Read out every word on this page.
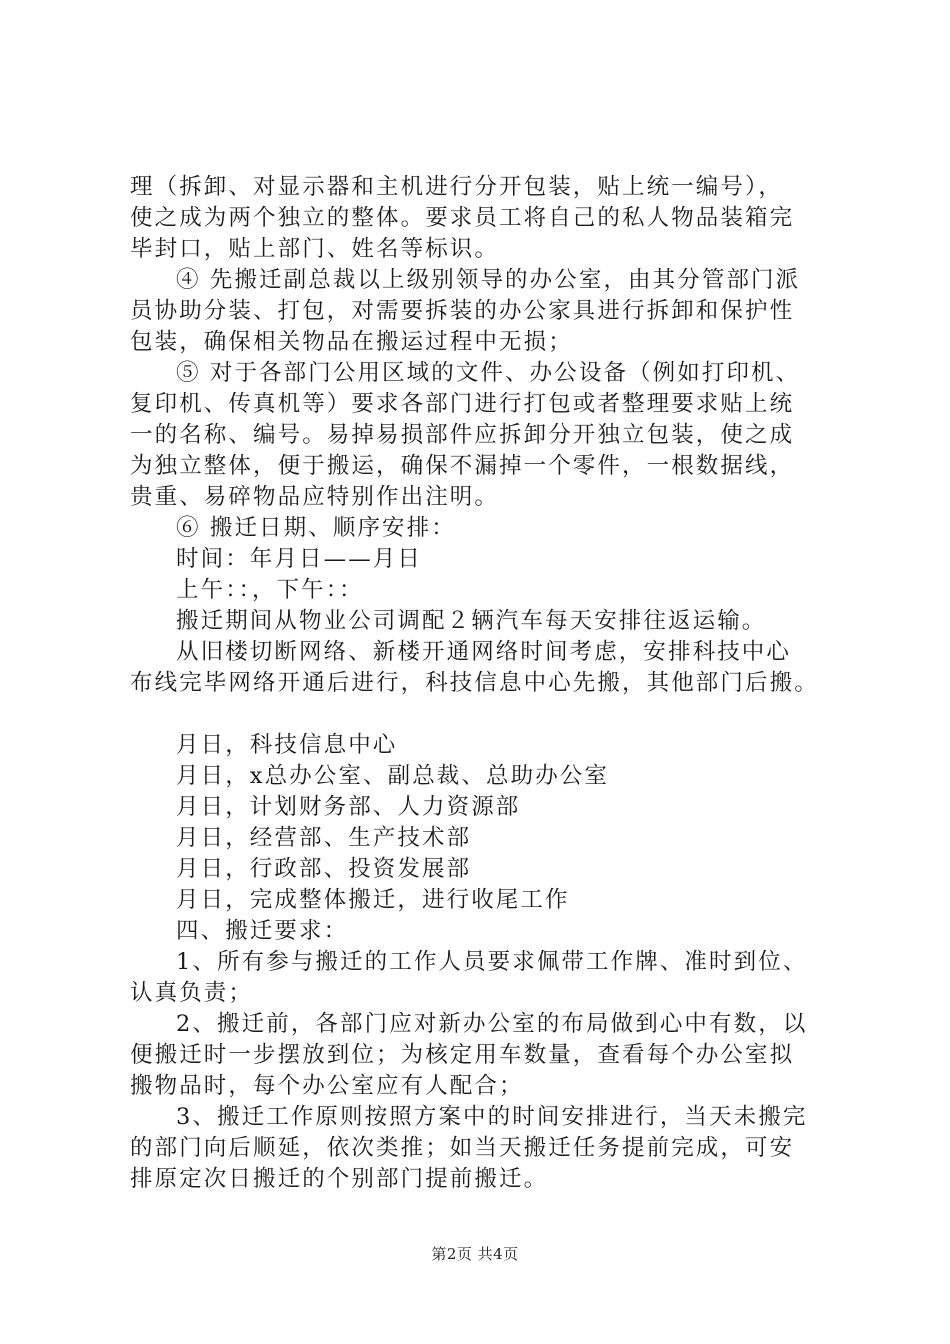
理（拆卸、对显示器和主机进行分开包装，贴上统一编号），
使之成为两个独立的整体。要求员工将自己的私人物品装箱完
毕封口，贴上部门、姓名等标识。
④ 先搬迁副总裁以上级别领导的办公室，由其分管部门派
员协助分装、打包，对需要拆装的办公家具进行拆卸和保护性
包装，确保相关物品在搬运过程中无损；
⑤ 对于各部门公用区域的文件、办公设备（例如打印机、
复印机、传真机等）要求各部门进行打包或者整理要求贴上统
一的名称、编号。易掉易损部件应拆卸分开独立包装，使之成
为独立整体，便于搬运，确保不漏掉一个零件，一根数据线，
贵重、易碎物品应特别作出注明。
⑥ 搬迁日期、顺序安排：
时间：年月日——月日
上午：：，下午：：
搬迁期间从物业公司调配２辆汽车每天安排往返运输。
从旧楼切断网络、新楼开通网络时间考虑，安排科技中心
布线完毕网络开通后进行，科技信息中心先搬，其他部门后搬。
月日，科技信息中心
月日，x总办公室、副总裁、总助办公室
月日，计划财务部、人力资源部
月日，经营部、生产技术部
月日，行政部、投资发展部
月日，完成整体搬迁，进行收尾工作
四、搬迁要求：
1、所有参与搬迁的工作人员要求佩带工作牌、准时到位、
认真负责；
2、搬迁前，各部门应对新办公室的布局做到心中有数，以
便搬迁时一步摆放到位；为核定用车数量，查看每个办公室拟
搬物品时，每个办公室应有人配合；
3、搬迁工作原则按照方案中的时间安排进行，当天未搬完
的部门向后顺延，依次类推；如当天搬迁任务提前完成，可安
排原定次日搬迁的个别部门提前搬迁。
第2页 共4页
